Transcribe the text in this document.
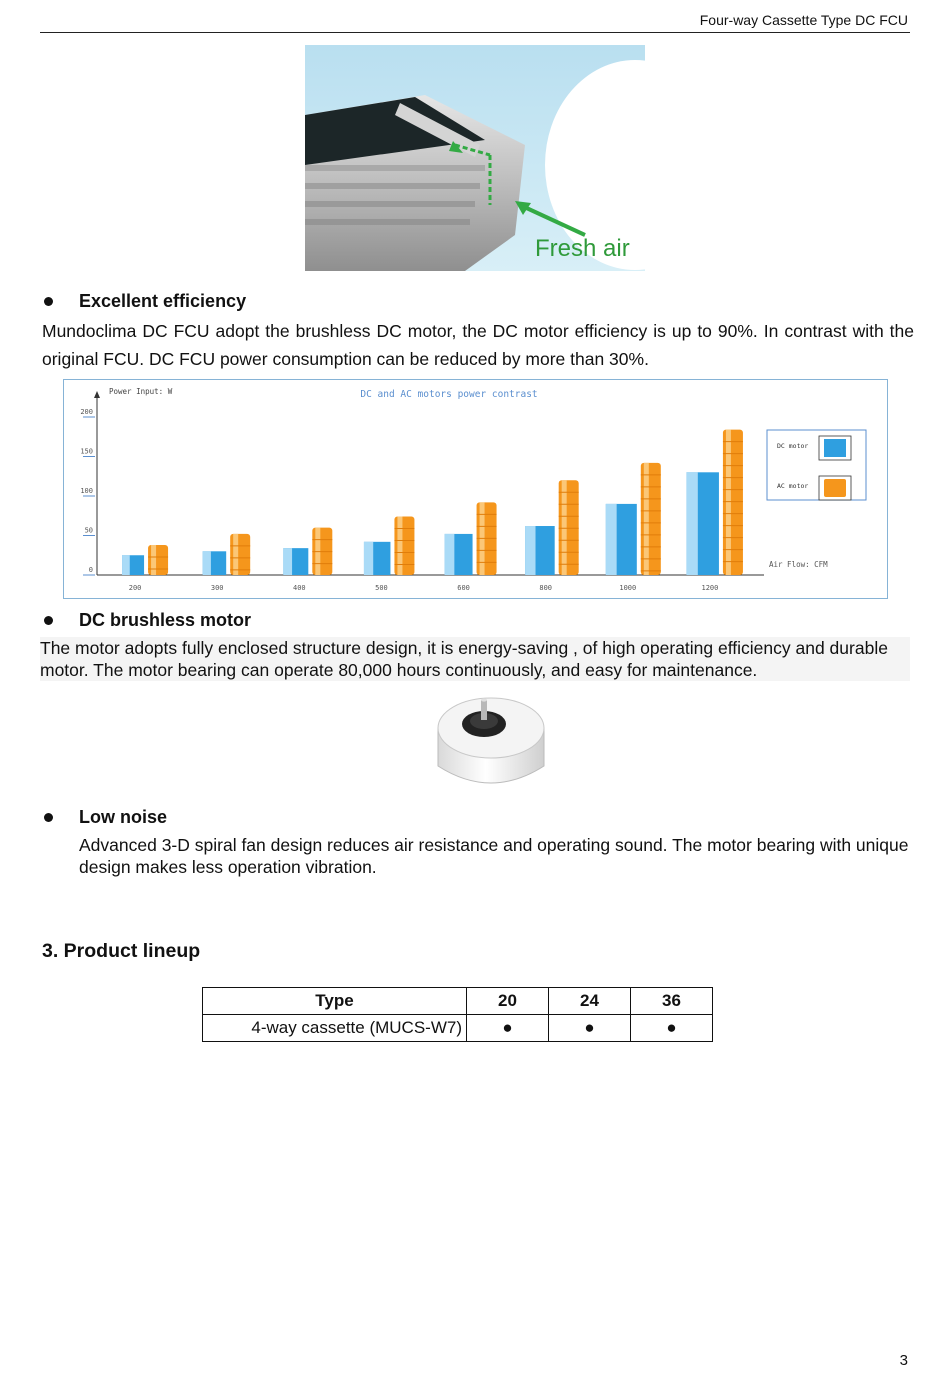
Four-way Cassette Type DC FCU
Fresh air
Excellent efficiency
Mundoclima DC FCU adopt the brushless DC motor, the DC motor efficiency is up to 90%. In contrast with the original FCU. DC FCU power consumption can be reduced by more than 30%.
DC and AC motors power contrast
Power Input: W
Air Flow: CFM
0
50
100
150
200
200	300	400	500	600	800	1000	1200
DC motor
AC motor
DC brushless motor
The motor adopts fully enclosed structure design, it is energy-saving , of high operating efficiency and durable motor. The motor bearing can operate 80,000 hours continuously, and easy for maintenance.
Low noise
Advanced 3-D spiral fan design reduces air resistance and operating sound. The motor bearing with unique design makes less operation vibration.
3. Product lineup
Type	20	24	36
4-way cassette (MUCS-W7)	●	●	●
3
